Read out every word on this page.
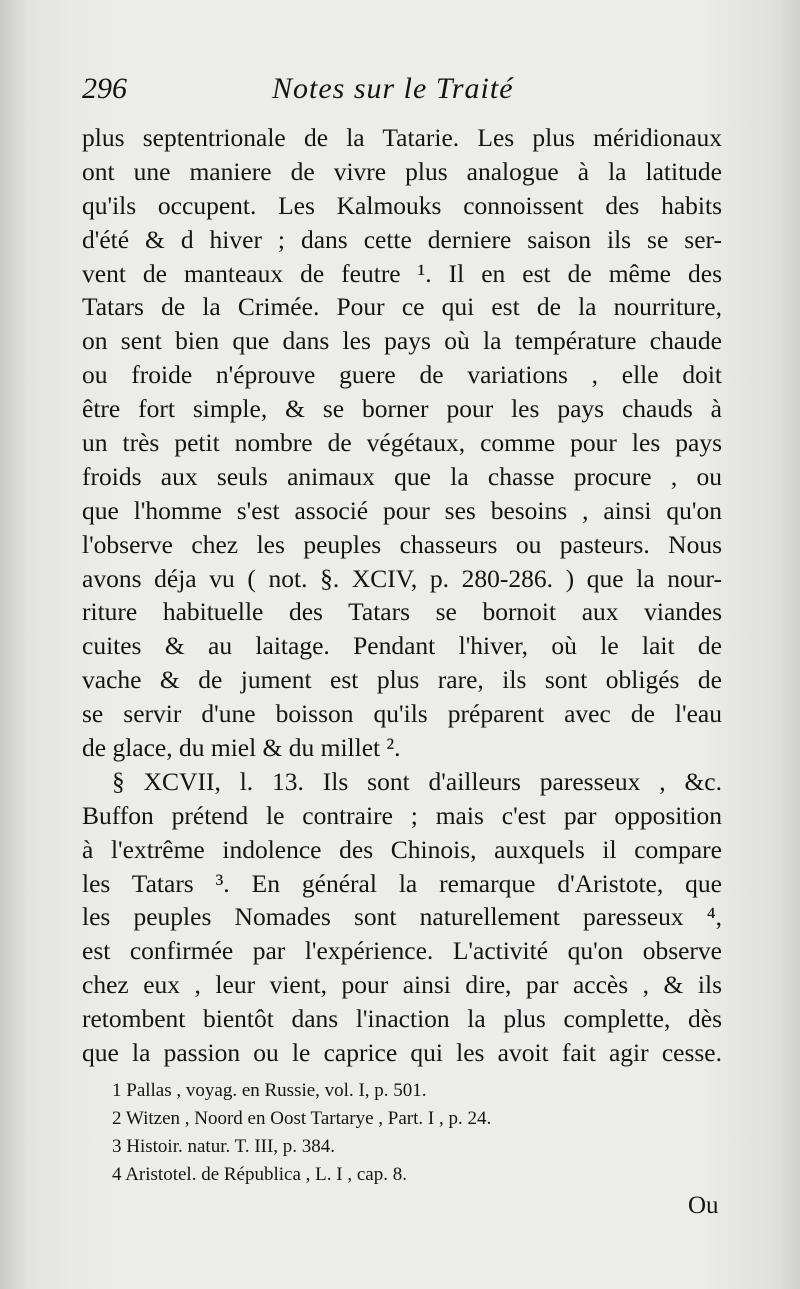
296	Notes sur le Traité
plus septentrionale de la Tatarie. Les plus méridionaux
ont une maniere de vivre plus analogue à la latitude
qu'ils occupent. Les Kalmouks connoissent des habits
d'été & d hiver ; dans cette derniere saison ils se ser-
vent de manteaux de feutre ¹. Il en est de même des
Tatars de la Crimée. Pour ce qui est de la nourriture,
on sent bien que dans les pays où la température chaude
ou froide n'éprouve guere de variations , elle doit
être fort simple, & se borner pour les pays chauds à
un très petit nombre de végétaux, comme pour les pays
froids aux seuls animaux que la chasse procure , ou
que l'homme s'est associé pour ses besoins , ainsi qu'on
l'observe chez les peuples chasseurs ou pasteurs. Nous
avons déja vu ( not. §. XCIV, p. 280-286. ) que la nour-
riture habituelle des Tatars se bornoit aux viandes
cuites & au laitage. Pendant l'hiver, où le lait de
vache & de jument est plus rare, ils sont obligés de
se servir d'une boisson qu'ils préparent avec de l'eau
de glace, du miel & du millet ².
§ XCVII, l. 13. Ils sont d'ailleurs paresseux , &c.
Buffon prétend le contraire ; mais c'est par opposition
à l'extrême indolence des Chinois, auxquels il compare
les Tatars ³. En général la remarque d'Aristote, que
les peuples Nomades sont naturellement paresseux ⁴,
est confirmée par l'expérience. L'activité qu'on observe
chez eux , leur vient, pour ainsi dire, par accès , & ils
retombent bientôt dans l'inaction la plus complette, dès
que la passion ou le caprice qui les avoit fait agir cesse.
1 Pallas , voyag. en Russie, vol. I, p. 501.
2 Witzen , Noord en Oost Tartarye , Part. I , p. 24.
3 Histoir. natur. T. III, p. 384.
4 Aristotel. de Républica , L. I , cap. 8.
Ou
